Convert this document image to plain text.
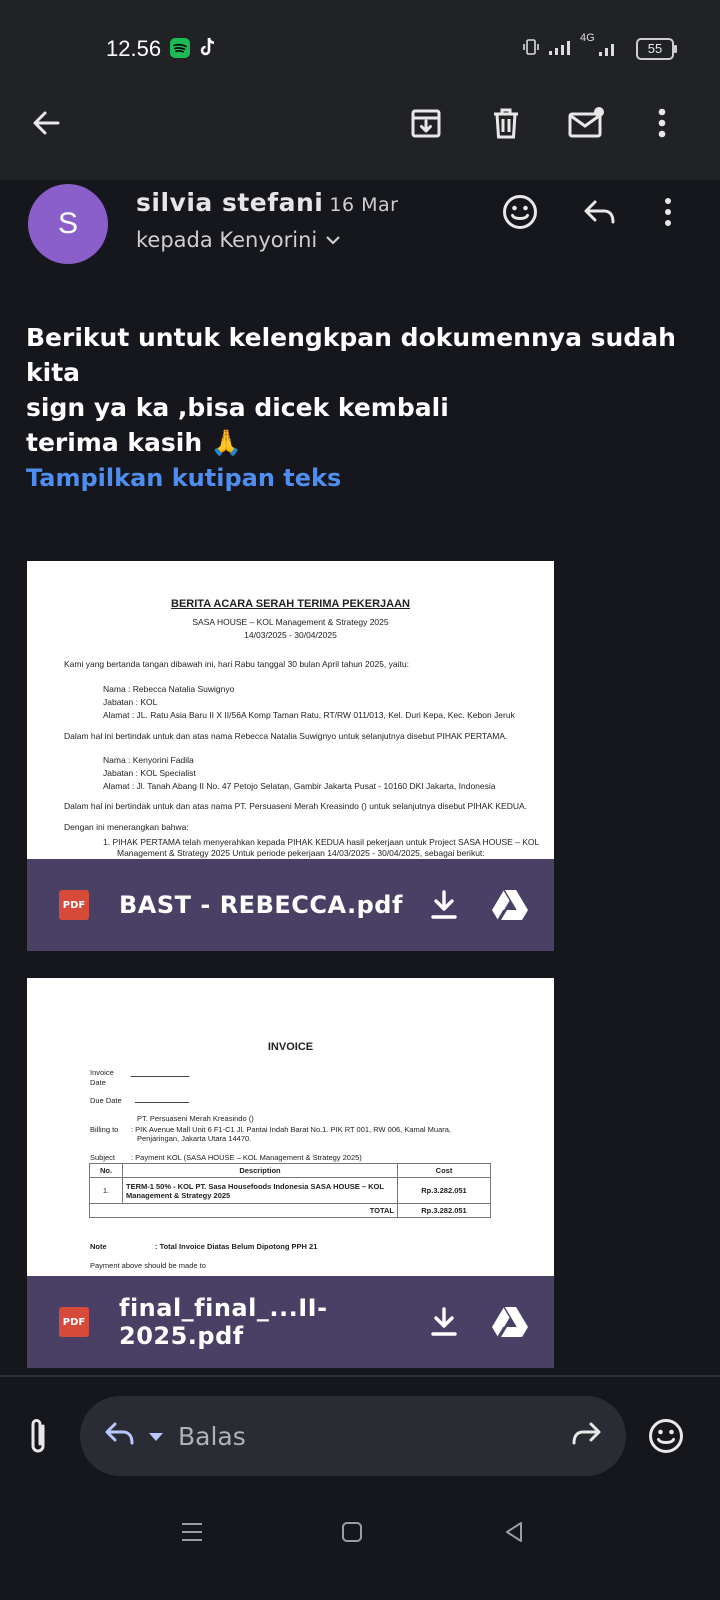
12.56	4G
55
S
silvia stefani 16 Mar
kepada Kenyorini
Berikut untuk kelengkpan dokumennya sudah kita
sign ya ka ,bisa dicek kembali
terima kasih 🙏
Tampilkan kutipan teks
BERITA ACARA SERAH TERIMA PEKERJAAN
SASA HOUSE – KOL Management & Strategy 2025
14/03/2025 - 30/04/2025
Kami yang bertanda tangan dibawah ini, hari Rabu tanggal 30 bulan April tahun 2025, yaitu:
Nama : Rebecca Natalia Suwignyo
Jabatan : KOL
Alamat : JL. Ratu Asia Baru II X II/56A Komp Taman Ratu, RT/RW 011/013, Kel. Duri Kepa, Kec. Kebon Jeruk
Dalam hal ini bertindak untuk dan atas nama Rebecca Natalia Suwignyo untuk selanjutnya disebut PIHAK PERTAMA.
Nama : Kenyorini Fadila
Jabatan : KOL Specialist
Alamat : Jl. Tanah Abang II No. 47 Petojo Selatan, Gambir Jakarta Pusat - 10160 DKI Jakarta, Indonesia
Dalam hal ini bertindak untuk dan atas nama PT. Persuaseni Merah Kreasindo () untuk selanjutnya disebut PIHAK KEDUA.
Dengan ini menerangkan bahwa:
1. PIHAK PERTAMA telah menyerahkan kepada PIHAK KEDUA hasil pekerjaan untuk Project SASA HOUSE – KOL
Management & Strategy 2025 Untuk periode pekerjaan 14/03/2025 - 30/04/2025, sebagai berikut:
PDF BAST - REBECCA.pdf
INVOICE
Invoice Date
Due Date
Billing to
PT. Persuaseni Merah Kreasindo ()
: PIK Avenue Mall Unit 6 F1-C1 Jl. Pantai Indah Barat No.1. PIK RT 001, RW 006, Kamal Muara,
Penjaringan, Jakarta Utara 14470.
Subject : Payment KOL (SASA HOUSE – KOL Management & Strategy 2025)
No.	Description	Cost
1.	TERM-1 50% - KOL PT. Sasa Housefoods Indonesia SASA HOUSE – KOL Management & Strategy 2025	Rp.3.282.051
TOTAL		Rp.3.282.051
Note	: Total Invoice Diatas Belum Dipotong PPH 21
Payment above should be made to
PDF final_final_...II-2025.pdf
Balas
